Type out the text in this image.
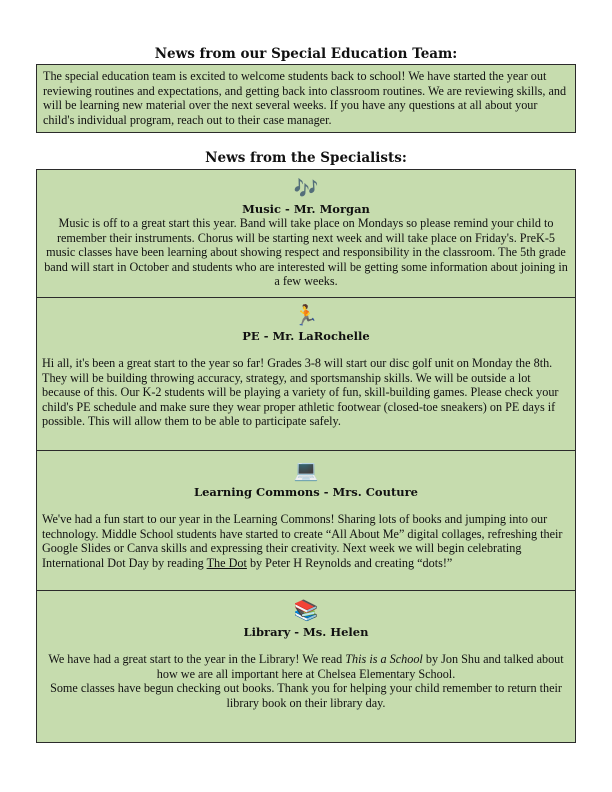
News from our Special Education Team:

The special education team is excited to welcome students back to school! We have started the year out reviewing routines and expectations, and getting back into classroom routines. We are reviewing skills, and will be learning new material over the next several weeks. If you have any questions at all about your child's individual program, reach out to their case manager.

News from the Specialists:
🎶

Music - Mr. Morgan

Music is off to a great start this year. Band will take place on Mondays so please remind your child to remember their instruments. Chorus will be starting next week and will take place on Friday's. PreK-5 music classes have been learning about showing respect and responsibility in the classroom. The 5th grade band will start in October and students who are interested will be getting some information about joining in a few weeks.

🏃

PE - Mr. LaRochelle

Hi all, it's been a great start to the year so far! Grades 3-8 will start our disc golf unit on Monday the 8th. They will be building throwing accuracy, strategy, and sportsmanship skills. We will be outside a lot because of this. Our K-2 students will be playing a variety of fun, skill-building games. Please check your child's PE schedule and make sure they wear proper athletic footwear (closed-toe sneakers) on PE days if possible. This will allow them to be able to participate safely.

💻

Learning Commons - Mrs. Couture

We've had a fun start to our year in the Learning Commons! Sharing lots of books and jumping into our technology. Middle School students have started to create “All About Me” digital collages, refreshing their Google Slides or Canva skills and expressing their creativity. Next week we will begin celebrating International Dot Day by reading The Dot by Peter H Reynolds and creating “dots!”

📚

Library - Ms. Helen

We have had a great start to the year in the Library! We read This is a School by Jon Shu and talked about how we are all important here at Chelsea Elementary School.

Some classes have begun checking out books. Thank you for helping your child remember to return their library book on their library day.
